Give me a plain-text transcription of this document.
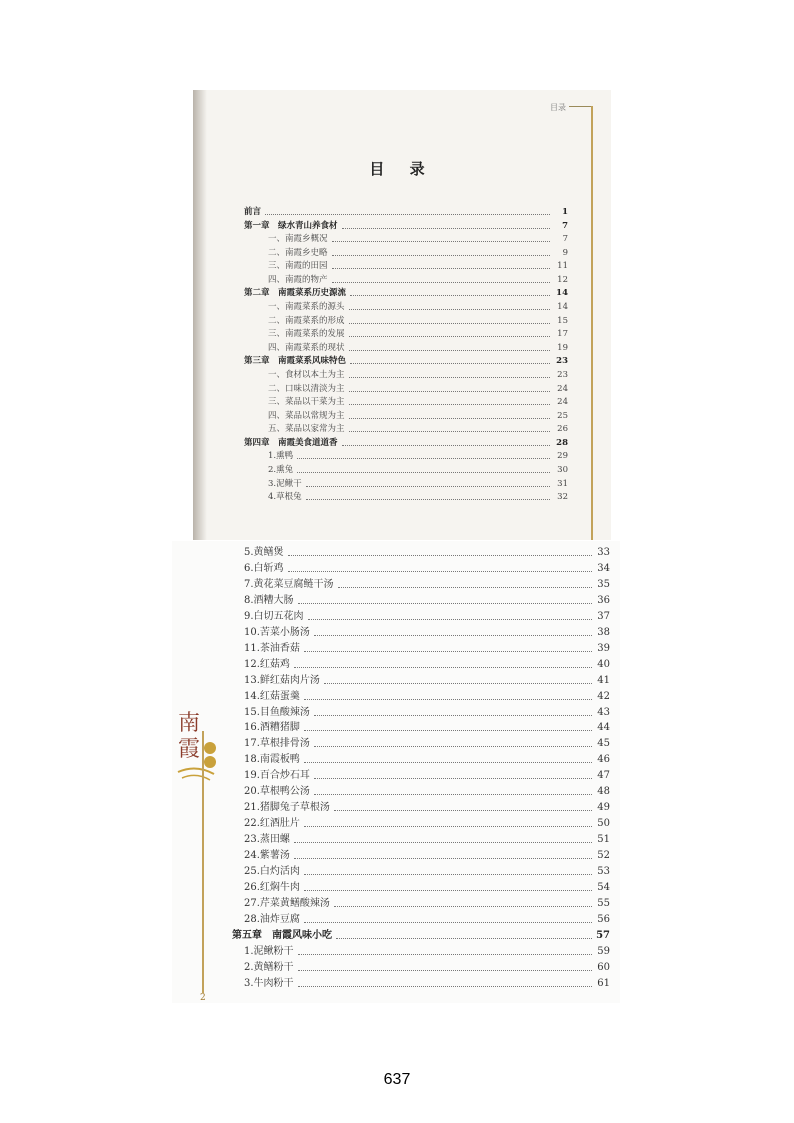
目录
目 录
前言	1
第一章　绿水青山养食材	7
一、南霞乡概况	7
二、南霞乡史略	9
三、南霞的田园	11
四、南霞的物产	12
第二章　南霞菜系历史源流	14
一、南霞菜系的源头	14
二、南霞菜系的形成	15
三、南霞菜系的发展	17
四、南霞菜系的现状	19
第三章　南霞菜系风味特色	23
一、食材以本土为主	23
二、口味以清淡为主	24
三、菜品以干菜为主	24
四、菜品以常规为主	25
五、菜品以家常为主	26
第四章　南霞美食道道香	28
1.熏鸭	29
2.熏兔	30
3.泥鳅干	31
4.草根兔	32
南
霞
2
5.黄鳝煲	33
6.白斩鸡	34
7.黄花菜豆腐鲢干汤	35
8.酒糟大肠	36
9.白切五花肉	37
10.苦菜小肠汤	38
11.茶油香菇	39
12.红菇鸡	40
13.鲜红菇肉片汤	41
14.红菇蛋羹	42
15.目鱼酸辣汤	43
16.酒糟猪脚	44
17.草根排骨汤	45
18.南霞板鸭	46
19.百合炒石耳	47
20.草根鸭公汤	48
21.猪脚兔子草根汤	49
22.红酒肚片	50
23.蒸田螺	51
24.紫薯汤	52
25.白灼活肉	53
26.红焖牛肉	54
27.芹菜黄鳝酸辣汤	55
28.油炸豆腐	56
第五章　南霞风味小吃	57
1.泥鳅粉干	59
2.黄鳝粉干	60
3.牛肉粉干	61
637
